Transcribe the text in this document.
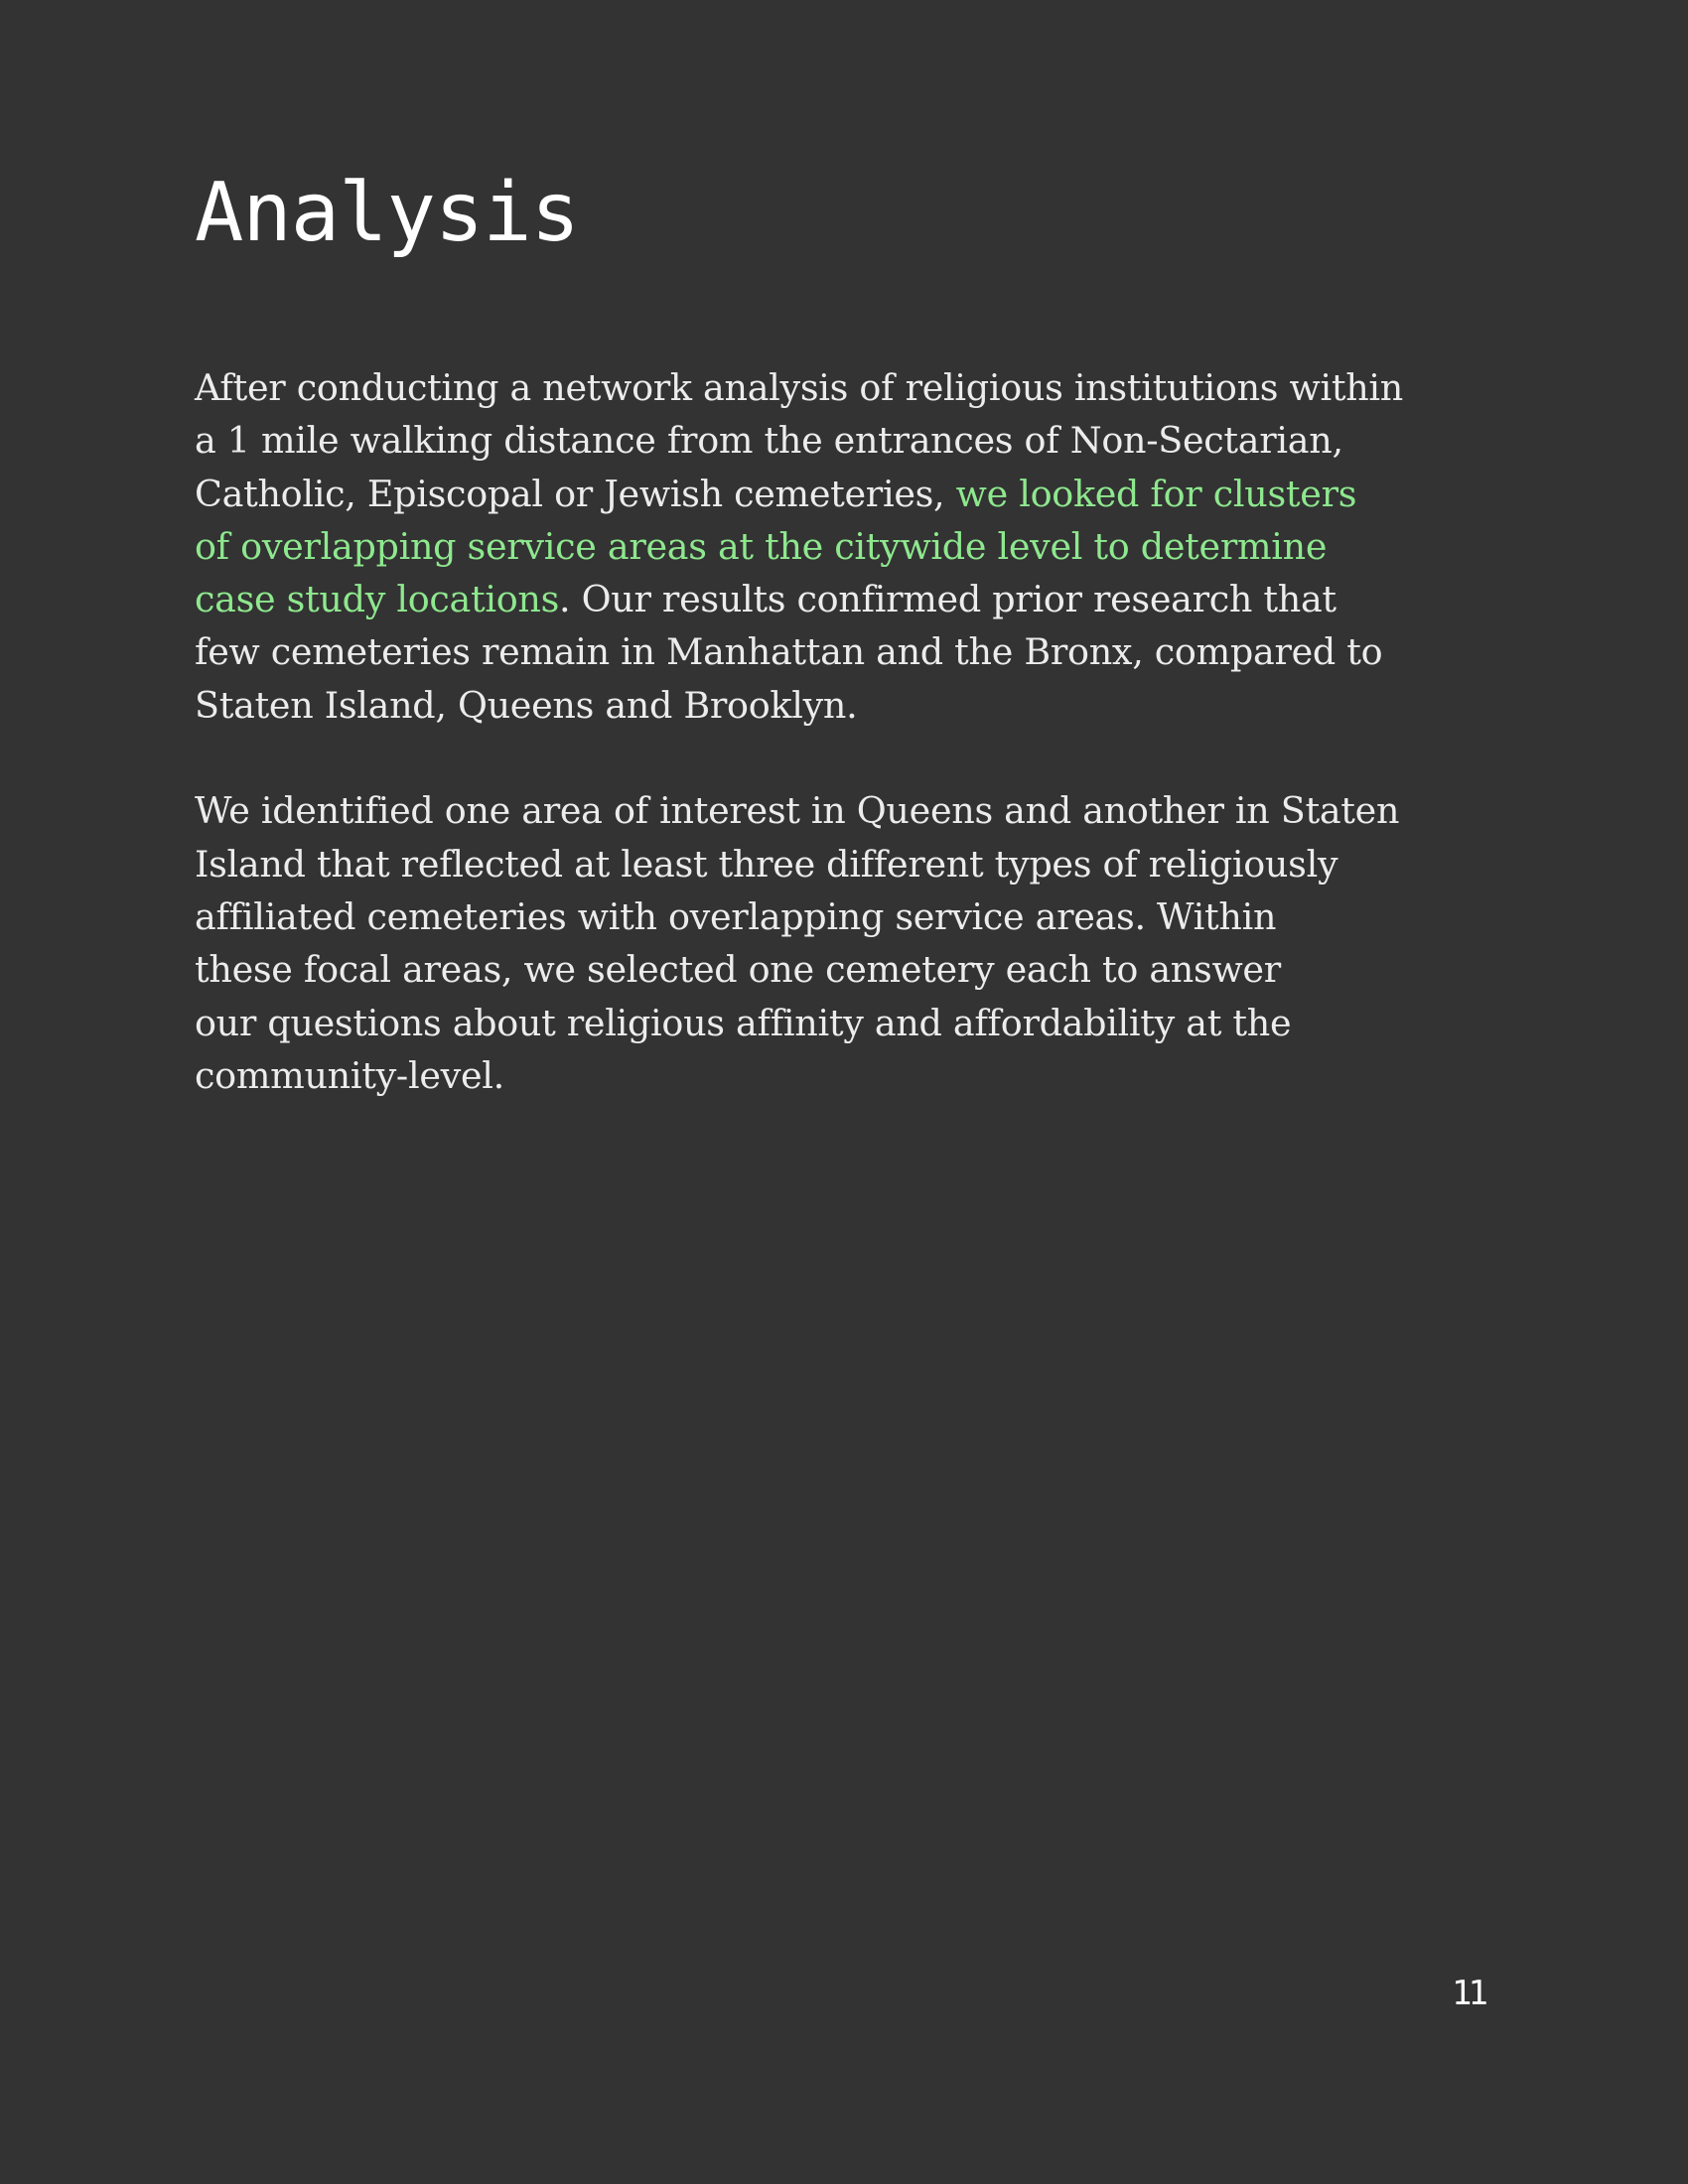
Analysis

After conducting a network analysis of religious institutions within
a 1 mile walking distance from the entrances of Non-Sectarian,
Catholic, Episcopal or Jewish cemeteries, we looked for clusters
of overlapping service areas at the citywide level to determine
case study locations. Our results confirmed prior research that
few cemeteries remain in Manhattan and the Bronx, compared to
Staten Island, Queens and Brooklyn.

We identified one area of interest in Queens and another in Staten
Island that reflected at least three different types of religiously
affiliated cemeteries with overlapping service areas. Within
these focal areas, we selected one cemetery each to answer
our questions about religious affinity and affordability at the
community-level.

11
